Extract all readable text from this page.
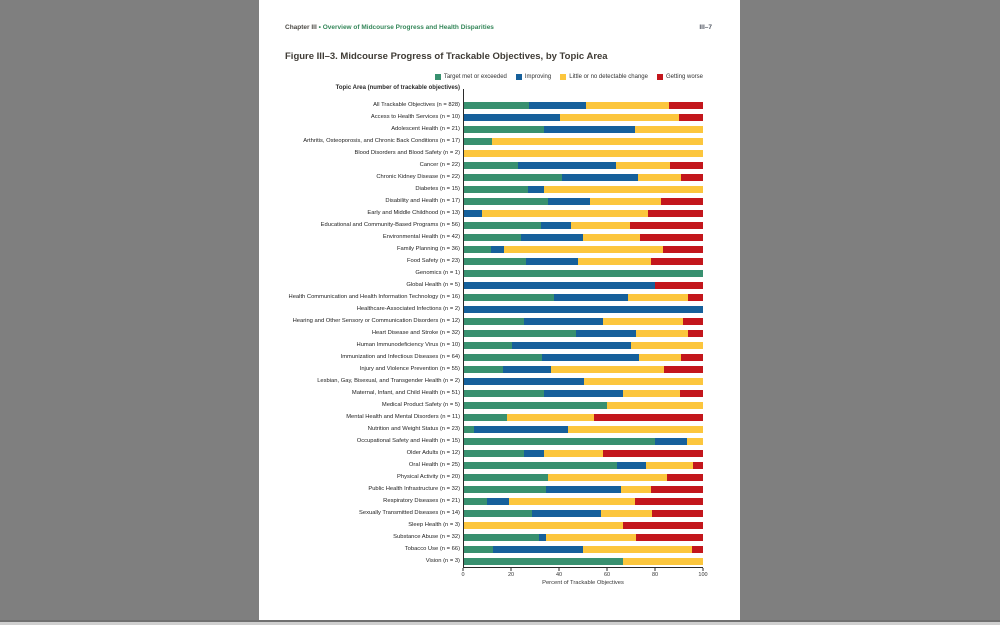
Chapter III • Overview of Midcourse Progress and Health Disparities	III–7
Figure III–3. Midcourse Progress of Trackable Objectives, by Topic Area
Target met or exceeded	Improving	Little or no detectable change	Getting worse
Topic Area (number of trackable objectives)
All Trackable Objectives (n = 828)
Access to Health Services (n = 10)
Adolescent Health (n = 21)
Arthritis, Osteoporosis, and Chronic Back Conditions (n = 17)
Blood Disorders and Blood Safety (n = 2)
Cancer (n = 22)
Chronic Kidney Disease (n = 22)
Diabetes (n = 15)
Disability and Health (n = 17)
Early and Middle Childhood (n = 13)
Educational and Community-Based Programs (n = 56)
Environmental Health (n = 42)
Family Planning (n = 36)
Food Safety (n = 23)
Genomics (n = 1)
Global Health (n = 5)
Health Communication and Health Information Technology (n = 16)
Healthcare-Associated Infections (n = 2)
Hearing and Other Sensory or Communication Disorders (n = 12)
Heart Disease and Stroke (n = 32)
Human Immunodeficiency Virus (n = 10)
Immunization and Infectious Diseases (n = 64)
Injury and Violence Prevention (n = 55)
Lesbian, Gay, Bisexual, and Transgender Health (n = 2)
Maternal, Infant, and Child Health (n = 51)
Medical Product Safety (n = 5)
Mental Health and Mental Disorders (n = 11)
Nutrition and Weight Status (n = 23)
Occupational Safety and Health (n = 15)
Older Adults (n = 12)
Oral Health (n = 25)
Physical Activity (n = 20)
Public Health Infrastructure (n = 32)
Respiratory Diseases (n = 21)
Sexually Transmitted Diseases (n = 14)
Sleep Health (n = 3)
Substance Abuse (n = 32)
Tobacco Use (n = 66)
Vision (n = 3)
0	20	40	60	80	100
Percent of Trackable Objectives
